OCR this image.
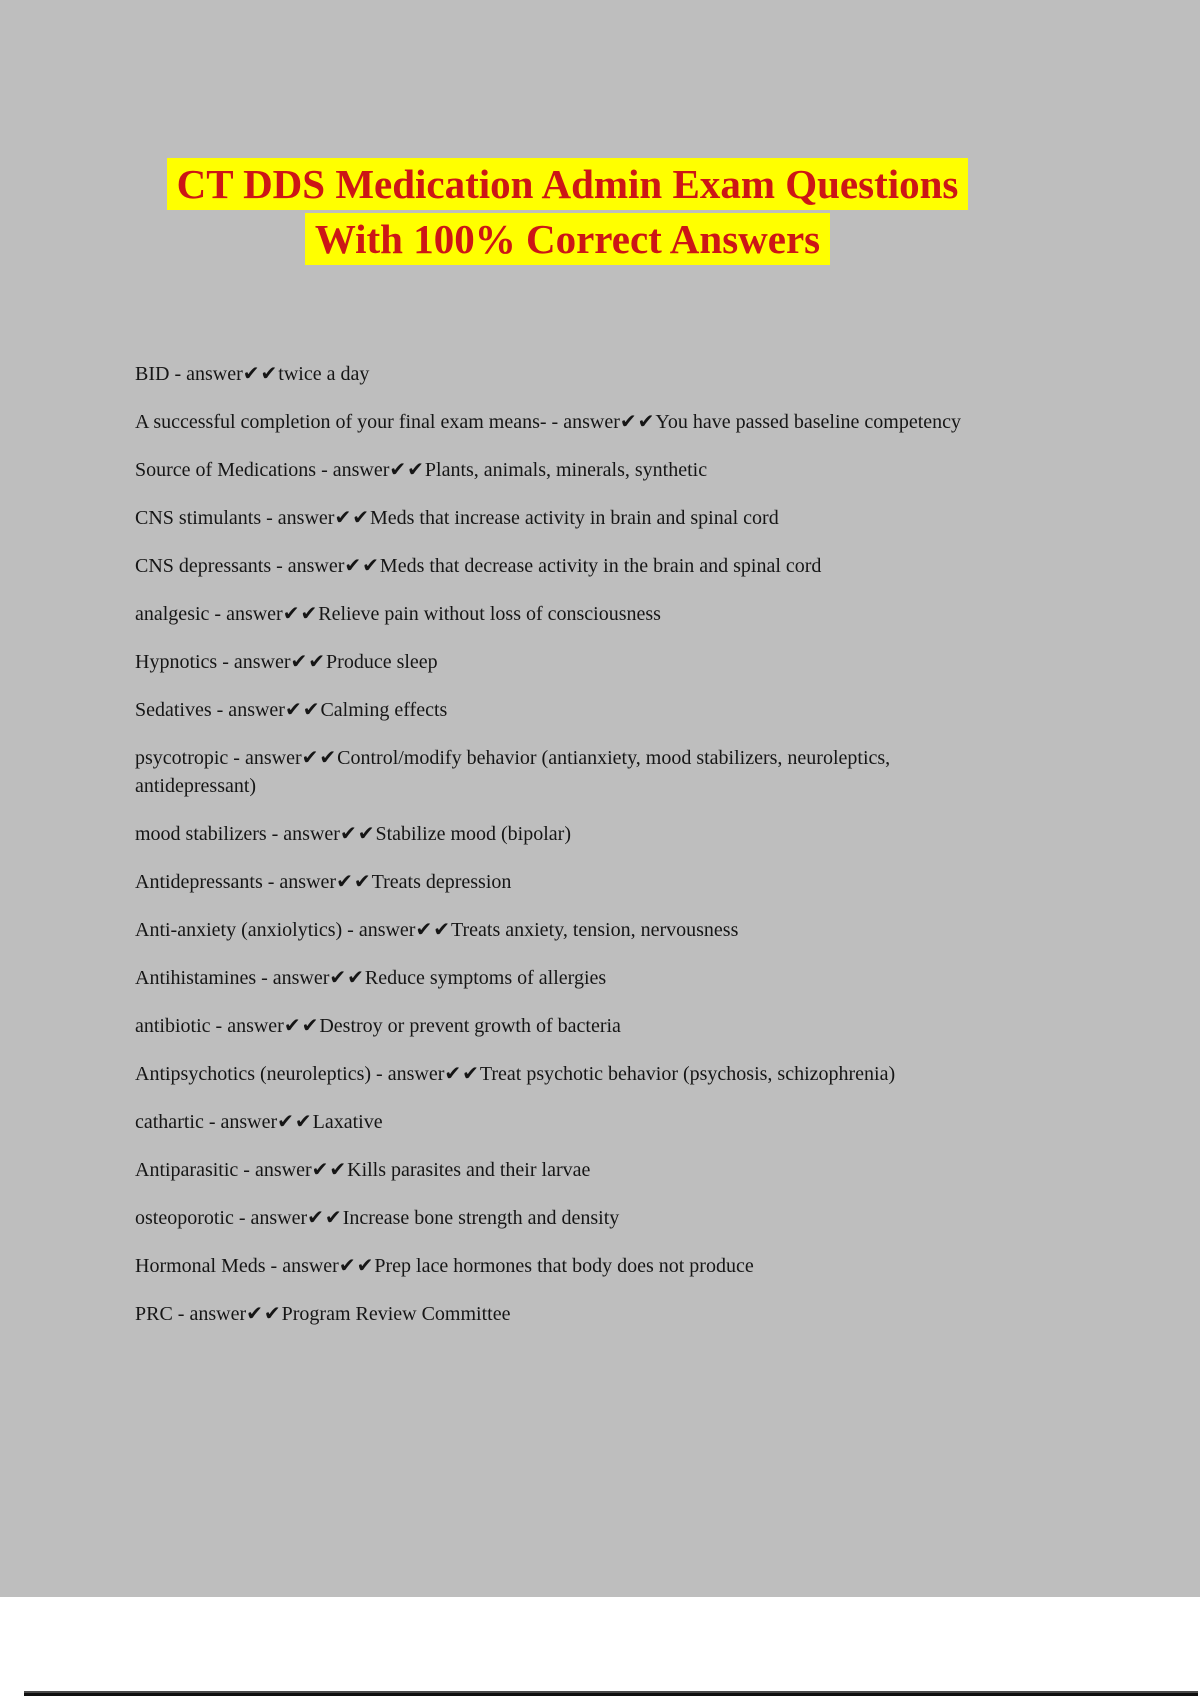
CT DDS Medication Admin Exam Questions
With 100% Correct Answers

BID - answer✔✔twice a day

A successful completion of your final exam means- - answer✔✔You have passed baseline competency

Source of Medications - answer✔✔Plants, animals, minerals, synthetic

CNS stimulants - answer✔✔Meds that increase activity in brain and spinal cord

CNS depressants - answer✔✔Meds that decrease activity in the brain and spinal cord

analgesic - answer✔✔Relieve pain without loss of consciousness

Hypnotics - answer✔✔Produce sleep

Sedatives - answer✔✔Calming effects

psycotropic - answer✔✔Control/modify behavior (antianxiety, mood stabilizers, neuroleptics, antidepressant)

mood stabilizers - answer✔✔Stabilize mood (bipolar)

Antidepressants - answer✔✔Treats depression

Anti-anxiety (anxiolytics) - answer✔✔Treats anxiety, tension, nervousness

Antihistamines - answer✔✔Reduce symptoms of allergies

antibiotic - answer✔✔Destroy or prevent growth of bacteria

Antipsychotics (neuroleptics) - answer✔✔Treat psychotic behavior (psychosis, schizophrenia)

cathartic - answer✔✔Laxative

Antiparasitic - answer✔✔Kills parasites and their larvae

osteoporotic - answer✔✔Increase bone strength and density

Hormonal Meds - answer✔✔Prep lace hormones that body does not produce

PRC - answer✔✔Program Review Committee
